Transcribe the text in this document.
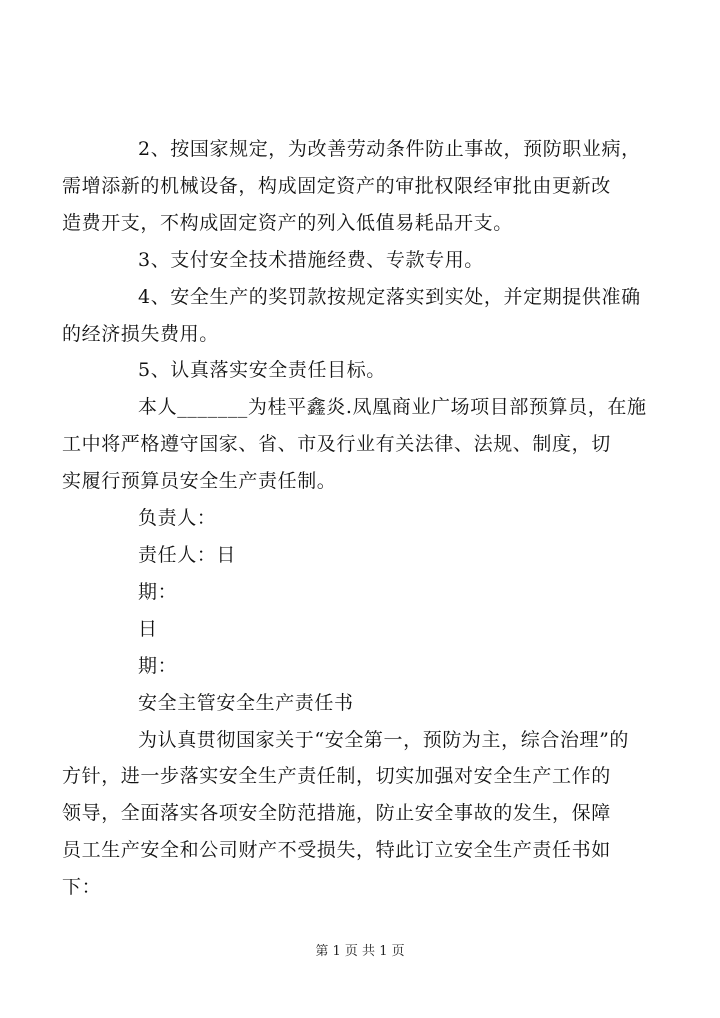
2、按国家规定，为改善劳动条件防止事故，预防职业病，
需增添新的机械设备，构成固定资产的审批权限经审批由更新改
造费开支，不构成固定资产的列入低值易耗品开支。
3、支付安全技术措施经费、专款专用。
4、安全生产的奖罚款按规定落实到实处，并定期提供准确
的经济损失费用。
5、认真落实安全责任目标。
本人_______为桂平鑫炎.凤凰商业广场项目部预算员，在施
工中将严格遵守国家、省、市及行业有关法律、法规、制度，切
实履行预算员安全生产责任制。
负责人：
责任人：日
期：
日
期：
安全主管安全生产责任书
为认真贯彻国家关于“安全第一，预防为主，综合治理”的
方针，进一步落实安全生产责任制，切实加强对安全生产工作的
领导，全面落实各项安全防范措施，防止安全事故的发生，保障
员工生产安全和公司财产不受损失，特此订立安全生产责任书如
下：
第 1 页 共 1 页
